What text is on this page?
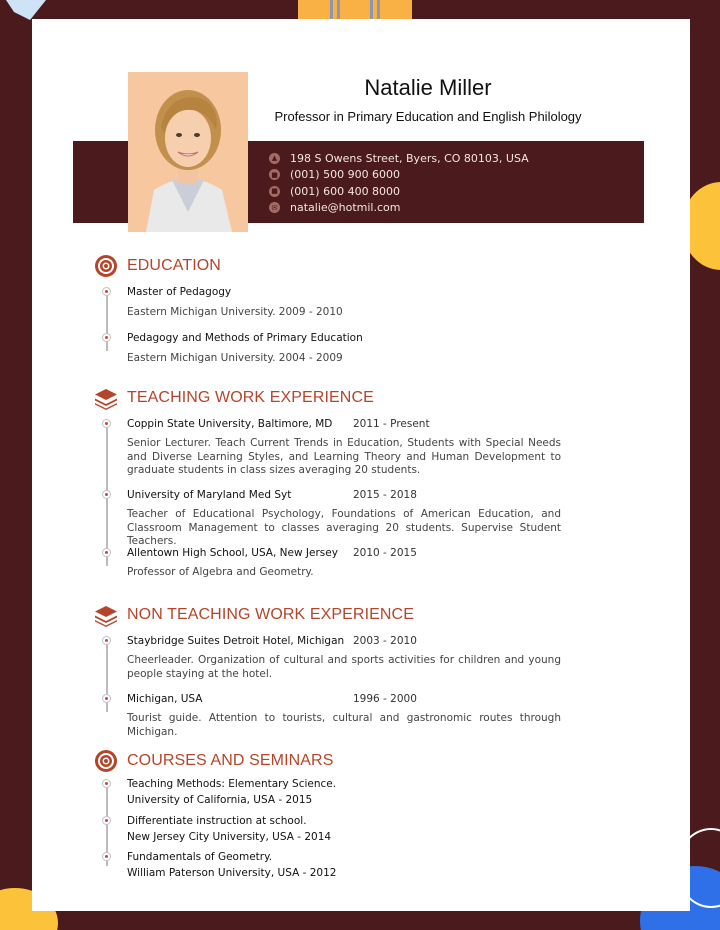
▲ 198 S Owens Street, Byers, CO 80103, USA
■ (001) 500 900 6000
■ (001) 600 400 8000
✉ natalie@hotmil.com
Natalie Miller
Professor in Primary Education and English Philology
EDUCATION
Master of Pedagogy
Eastern Michigan University. 2009 - 2010
Pedagogy and Methods of Primary Education
Eastern Michigan University. 2004 - 2009
TEACHING WORK EXPERIENCE
Coppin State University, Baltimore, MD	2011 - Present
Senior Lecturer. Teach Current Trends in Education, Students with Special Needs and Diverse Learning Styles, and Learning Theory and Human Development to graduate students in class sizes averaging 20 students.
University of Maryland Med Syt	2015 - 2018
Teacher of Educational Psychology, Foundations of American Education, and Classroom Management to classes averaging 20 students. Supervise Student Teachers.
Allentown High School, USA, New Jersey	2010 - 2015
Professor of Algebra and Geometry.
NON TEACHING WORK EXPERIENCE
Staybridge Suites Detroit Hotel, Michigan 2003 - 2010
Cheerleader. Organization of cultural and sports activities for children and young people staying at the hotel.
Michigan, USA	1996 - 2000
Tourist guide. Attention to tourists, cultural and gastronomic routes through Michigan.
COURSES AND SEMINARS
Teaching Methods: Elementary Science.
University of California, USA - 2015
Differentiate instruction at school.
New Jersey City University, USA - 2014
Fundamentals of Geometry.
William Paterson University, USA - 2012
